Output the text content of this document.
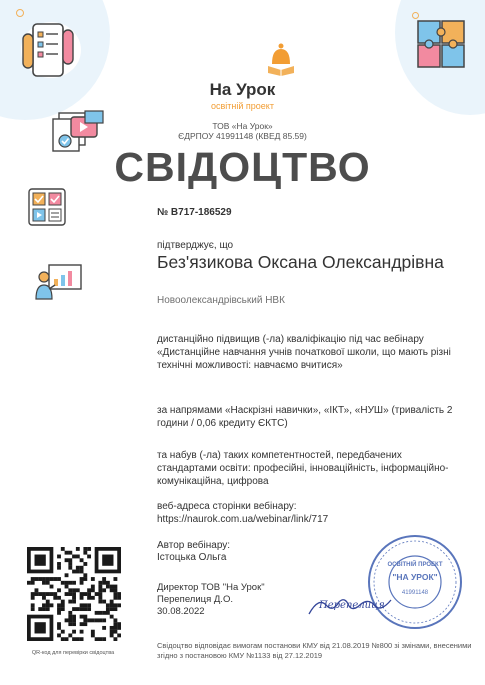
На Урок
освітній проект
ТОВ «На Урок»
ЄДРПОУ 41991148 (КВЕД 85.59)
СВІДОЦТВО
№ B717-186529
підтверджує, що
Без'язикова Оксана Олександрівна
Новоолександрівський НВК

дистанційно підвищив (-ла) кваліфікацію під час вебінару «Дистанційне навчання учнів початкової школи, що мають різні технічні можливості: навчаємо вчитися»

за напрямами «Наскрізні навички», «ІКТ», «НУШ» (тривалість 2 години / 0,06 кредиту ЄКТС)

та набув (-ла) таких компетентностей, передбачених стандартами освіти: професійні, інноваційність, інформаційно-комунікаційна, цифрова

веб-адреса сторінки вебінару:
https://naurok.com.ua/webinar/link/717
Автор вебінару:
Істоцька Ольга
Директор ТОВ "На Урок"
Перепелиця Д.О.
30.08.2022

Свідоцтво відповідає вимогам постанови КМУ від 21.08.2019 №800 зі змінами, внесеними згідно з постановою КМУ №1133 від 27.12.2019

ОСВІТНІЙ ПРОЕКТ
"НА УРОК"
41991148
Перепелиця
QR-код для перевірки свідоцтва
